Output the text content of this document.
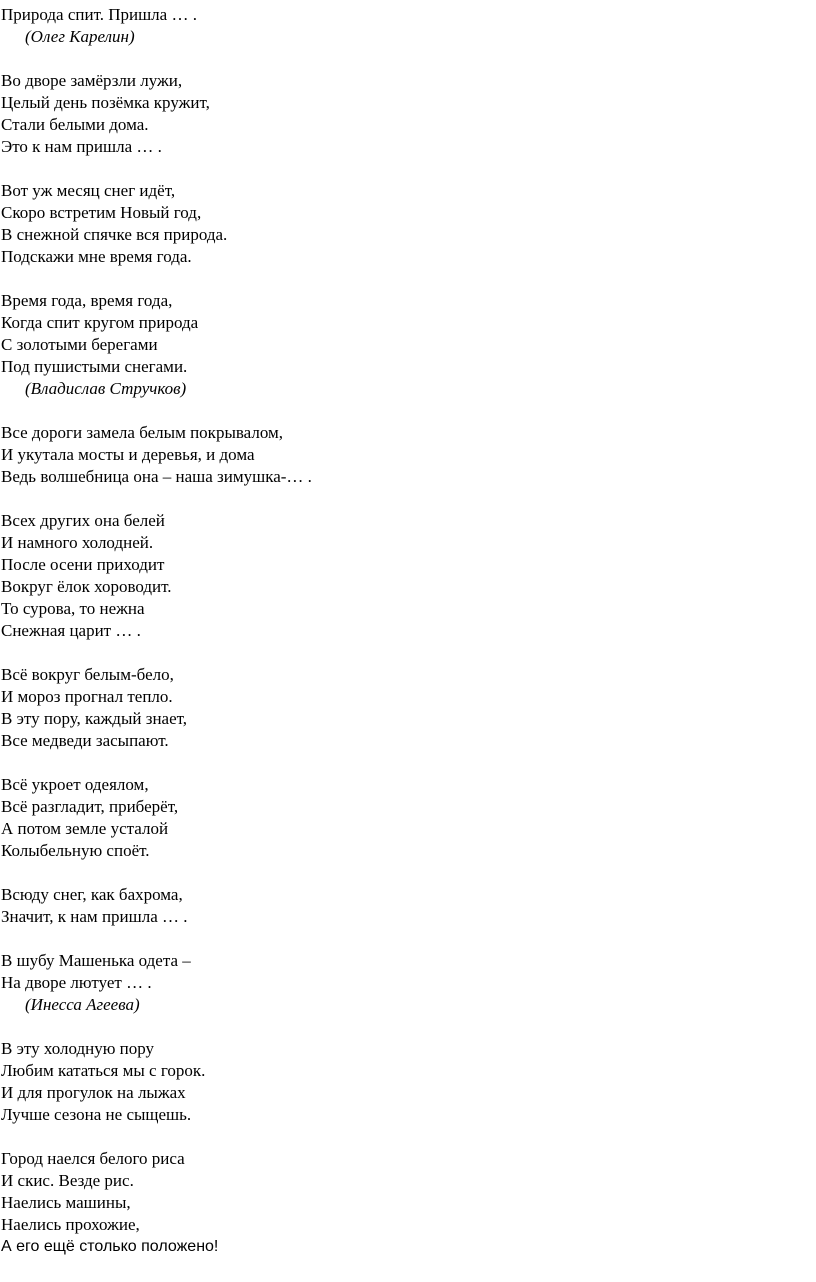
Природа спит. Пришла … .
(Олег Карелин)
Во дворе замёрзли лужи,
Целый день позёмка кружит,
Стали белыми дома.
Это к нам пришла … .
Вот уж месяц снег идёт,
Скоро встретим Новый год,
В снежной спячке вся природа.
Подскажи мне время года.
Время года, время года,
Когда спит кругом природа
С золотыми берегами
Под пушистыми снегами.
(Владислав Стручков)
Все дороги замела белым покрывалом,
И укутала мосты и деревья, и дома
Ведь волшебница она – наша зимушка-… .
Всех других она белей
И намного холодней.
После осени приходит
Вокруг ёлок хороводит.
То сурова, то нежна
Снежная царит … .
Всё вокруг белым-бело,
И мороз прогнал тепло.
В эту пору, каждый знает,
Все медведи засыпают.
Всё укроет одеялом,
Всё разгладит, приберёт,
А потом земле усталой
Колыбельную споёт.
Всюду снег, как бахрома,
Значит, к нам пришла … .
В шубу Машенька одета –
На дворе лютует … .
(Инесса Агеева)
В эту холодную пору
Любим кататься мы с горок.
И для прогулок на лыжах
Лучше сезона не сыщешь.
Город наелся белого риса
И скис. Везде рис.
Наелись машины,
Наелись прохожие,
А его ещё столько положено!
